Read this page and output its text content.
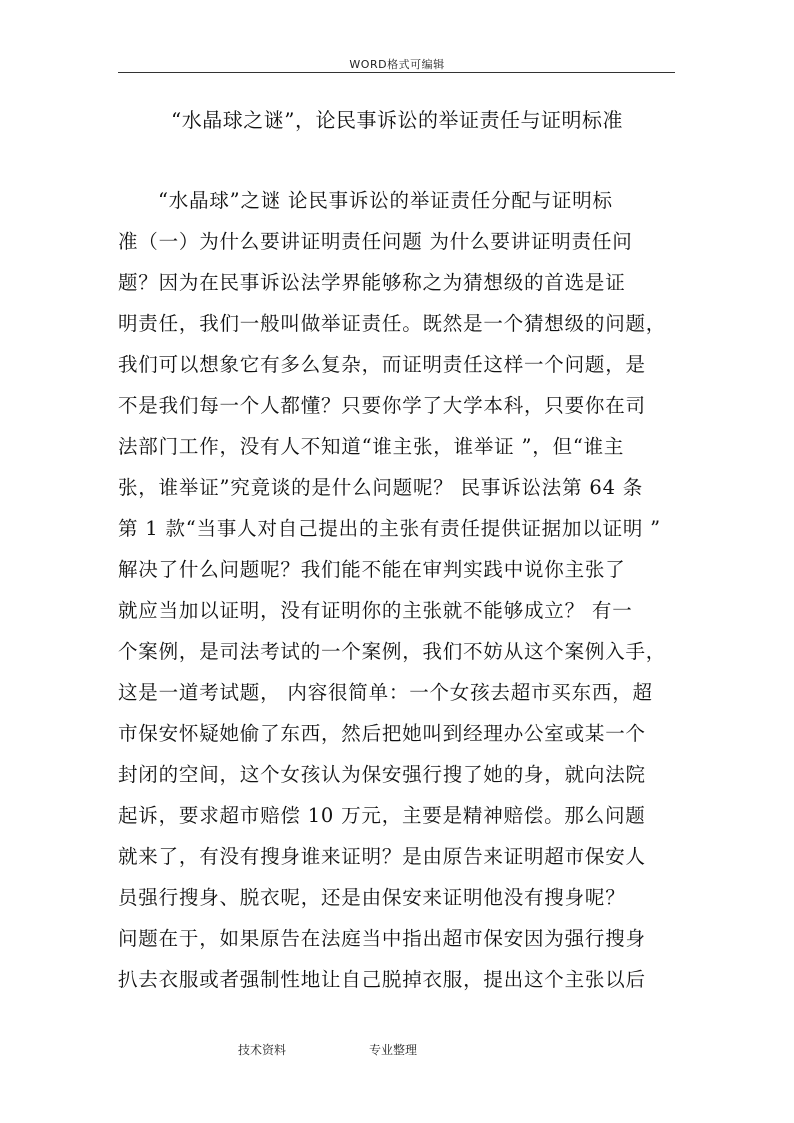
WORD格式可编辑
“水晶球之谜”，论民事诉讼的举证责任与证明标准
“水晶球”之谜 论民事诉讼的举证责任分配与证明标
准（一）为什么要讲证明责任问题 为什么要讲证明责任问
题？因为在民事诉讼法学界能够称之为猜想级的首选是证
明责任，我们一般叫做举证责任。既然是一个猜想级的问题，
我们可以想象它有多么复杂，而证明责任这样一个问题，是
不是我们每一个人都懂？只要你学了大学本科，只要你在司
法部门工作，没有人不知道“谁主张，谁举证 ”，但“谁主
张，谁举证”究竟谈的是什么问题呢？ 民事诉讼法第 64 条
第 1 款“当事人对自己提出的主张有责任提供证据加以证明 ”
解决了什么问题呢？我们能不能在审判实践中说你主张了
就应当加以证明，没有证明你的主张就不能够成立？ 有一
个案例，是司法考试的一个案例，我们不妨从这个案例入手，
这是一道考试题， 内容很简单：一个女孩去超市买东西，超
市保安怀疑她偷了东西，然后把她叫到经理办公室或某一个
封闭的空间，这个女孩认为保安强行搜了她的身，就向法院
起诉，要求超市赔偿 10 万元，主要是精神赔偿。那么问题
就来了，有没有搜身谁来证明？是由原告来证明超市保安人
员强行搜身、脱衣呢，还是由保安来证明他没有搜身呢？
问题在于，如果原告在法庭当中指出超市保安因为强行搜身
扒去衣服或者强制性地让自己脱掉衣服，提出这个主张以后
技术资料	专业整理
